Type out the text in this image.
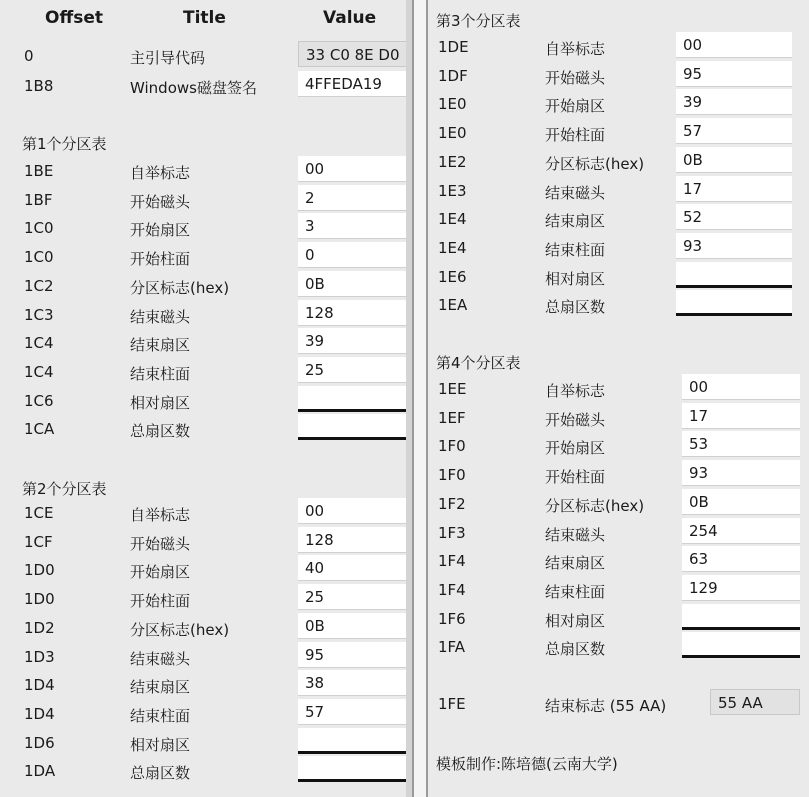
Offset	Title	Value
0	主引导代码	33 C0 8E D0
1B8	Windows磁盘签名	4FFEDA19
第1个分区表
1BE	自举标志	00
1BF	开始磁头	2
1C0	开始扇区	3
1C0	开始柱面	0
1C2	分区标志(hex)	0B
1C3	结束磁头	128
1C4	结束扇区	39
1C4	结束柱面	25
1C6	相对扇区
1CA	总扇区数
第2个分区表
1CE	自举标志	00
1CF	开始磁头	128
1D0	开始扇区	40
1D0	开始柱面	25
1D2	分区标志(hex)	0B
1D3	结束磁头	95
1D4	结束扇区	38
1D4	结束柱面	57
1D6	相对扇区
1DA	总扇区数
第3个分区表
1DE	自举标志	00
1DF	开始磁头	95
1E0	开始扇区	39
1E0	开始柱面	57
1E2	分区标志(hex)	0B
1E3	结束磁头	17
1E4	结束扇区	52
1E4	结束柱面	93
1E6	相对扇区
1EA	总扇区数
第4个分区表
1EE	自举标志	00
1EF	开始磁头	17
1F0	开始扇区	53
1F0	开始柱面	93
1F2	分区标志(hex)	0B
1F3	结束磁头	254
1F4	结束扇区	63
1F4	结束柱面	129
1F6	相对扇区
1FA	总扇区数
1FE	结束标志 (55 AA)	55 AA
模板制作:陈培德(云南大学)
